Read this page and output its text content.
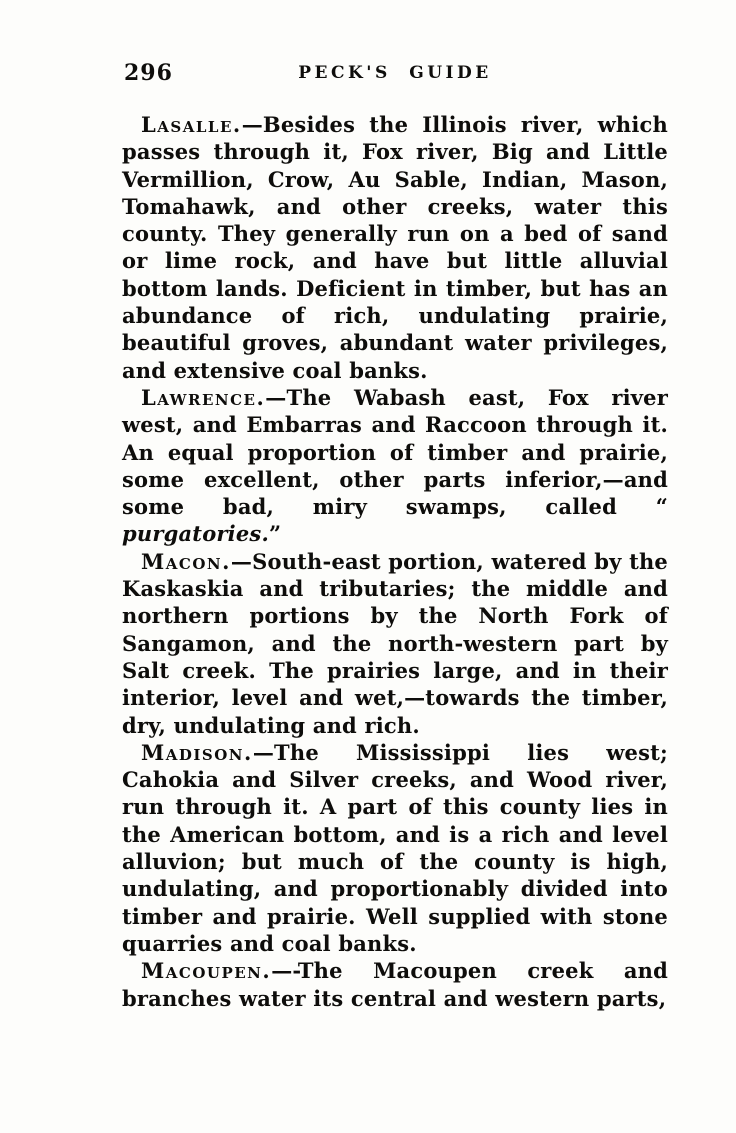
296	PECK'S GUIDE

Lasalle.—Besides the Illinois river, which passes through it, Fox river, Big and Little Vermillion, Crow, Au Sable, Indian, Mason, Tomahawk, and other creeks, water this county. They generally run on a bed of sand or lime rock, and have but little alluvial bottom lands. Deficient in timber, but has an abundance of rich, undulating prairie, beautiful groves, abundant water privileges, and extensive coal banks.

Lawrence.—The Wabash east, Fox river west, and Embarras and Raccoon through it. An equal proportion of timber and prairie, some excellent, other parts inferior,—and some bad, miry swamps, called “ purgatories.”

Macon.—South-east portion, watered by the Kaskaskia and tributaries; the middle and northern portions by the North Fork of Sangamon, and the north-western part by Salt creek. The prairies large, and in their interior, level and wet,—towards the timber, dry, undulating and rich.

Madison.—The Mississippi lies west; Cahokia and Silver creeks, and Wood river, run through it. A part of this county lies in the American bottom, and is a rich and level alluvion; but much of the county is high, undulating, and proportionably divided into timber and prairie. Well supplied with stone quarries and coal banks.

Macoupen.—-The Macoupen creek and branches water its central and western parts,
